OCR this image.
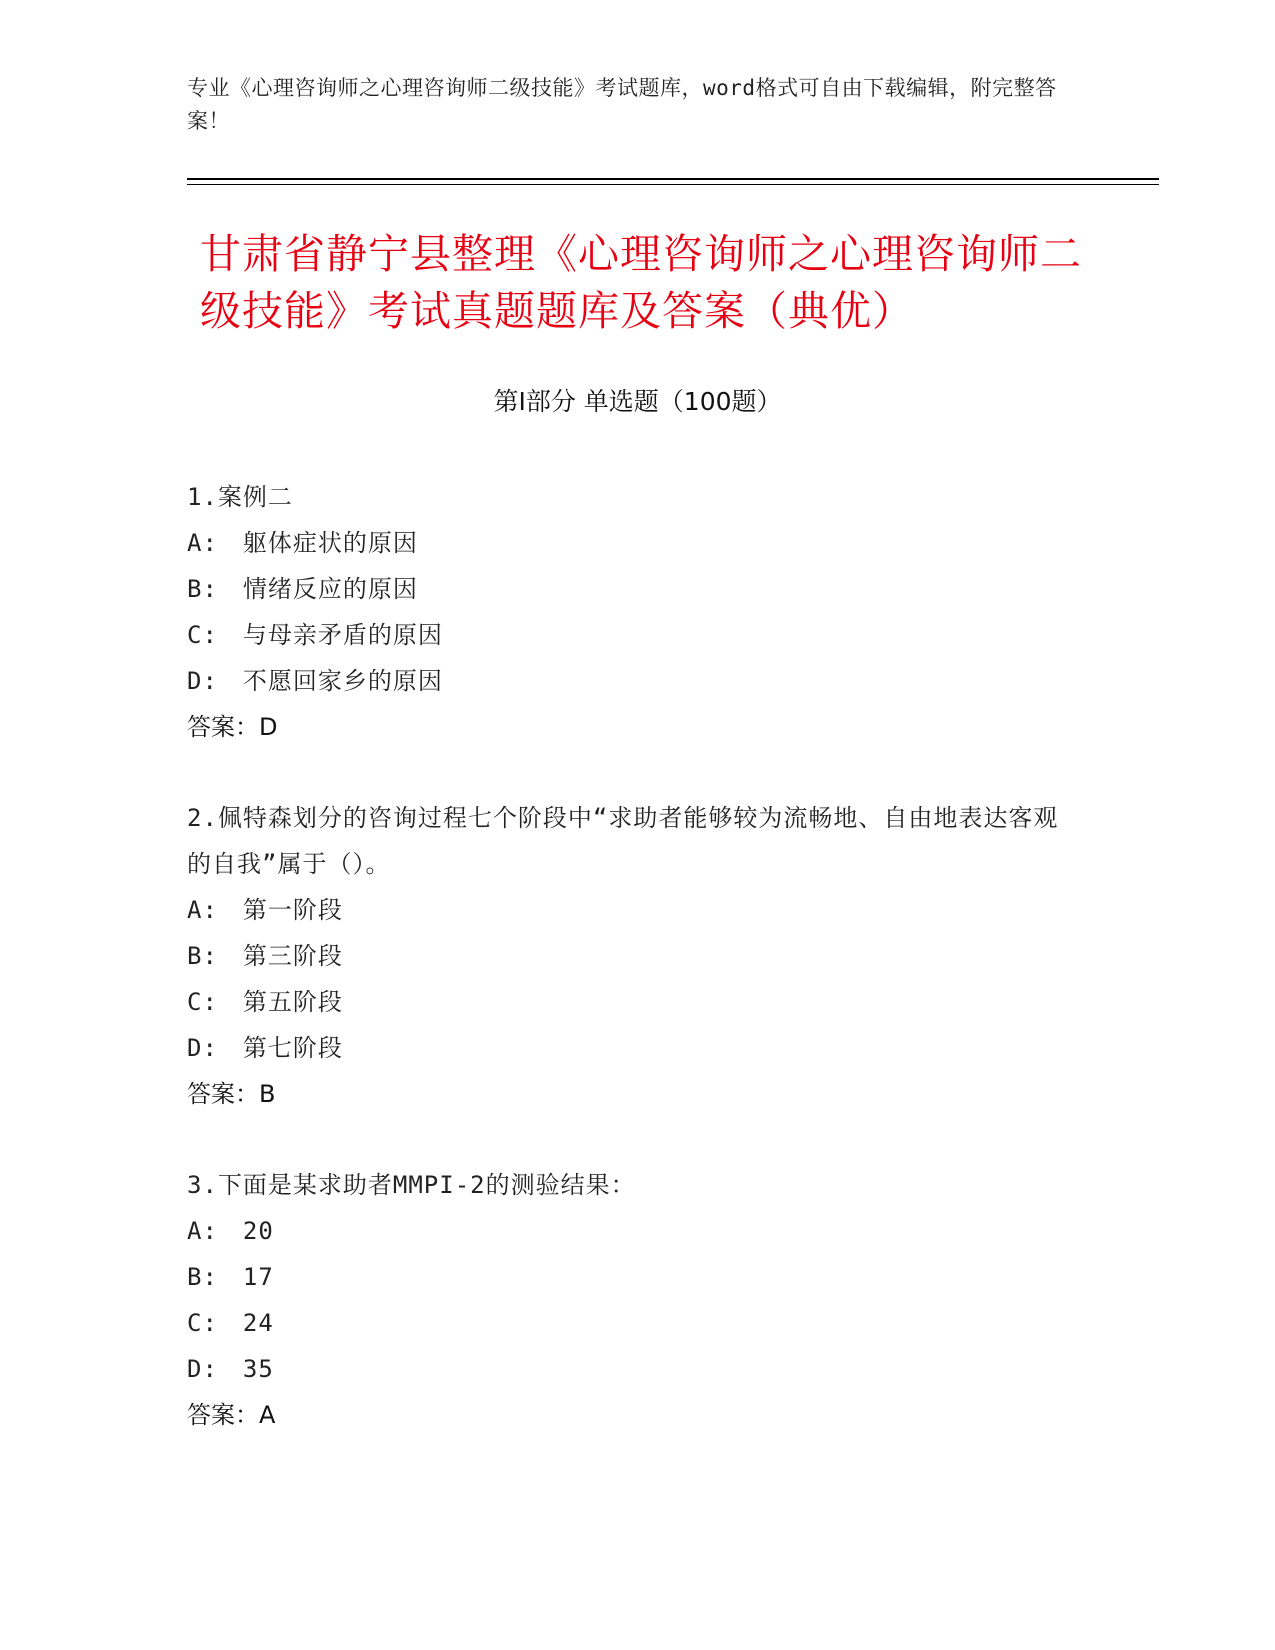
专业《心理咨询师之心理咨询师二级技能》考试题库，word格式可自由下载编辑，附完整答案！
甘肃省静宁县整理《心理咨询师之心理咨询师二级技能》考试真题题库及答案（典优）
第Ⅰ部分 单选题（100题）
1.案例二
A:　躯体症状的原因
B:　情绪反应的原因
C:　与母亲矛盾的原因
D:　不愿回家乡的原因
答案：D
2.佩特森划分的咨询过程七个阶段中“求助者能够较为流畅地、自由地表达客观的自我”属于（）。
A:　第一阶段
B:　第三阶段
C:　第五阶段
D:　第七阶段
答案：B
3.下面是某求助者MMPI-2的测验结果：
A:　20
B:　17
C:　24
D:　35
答案：A
